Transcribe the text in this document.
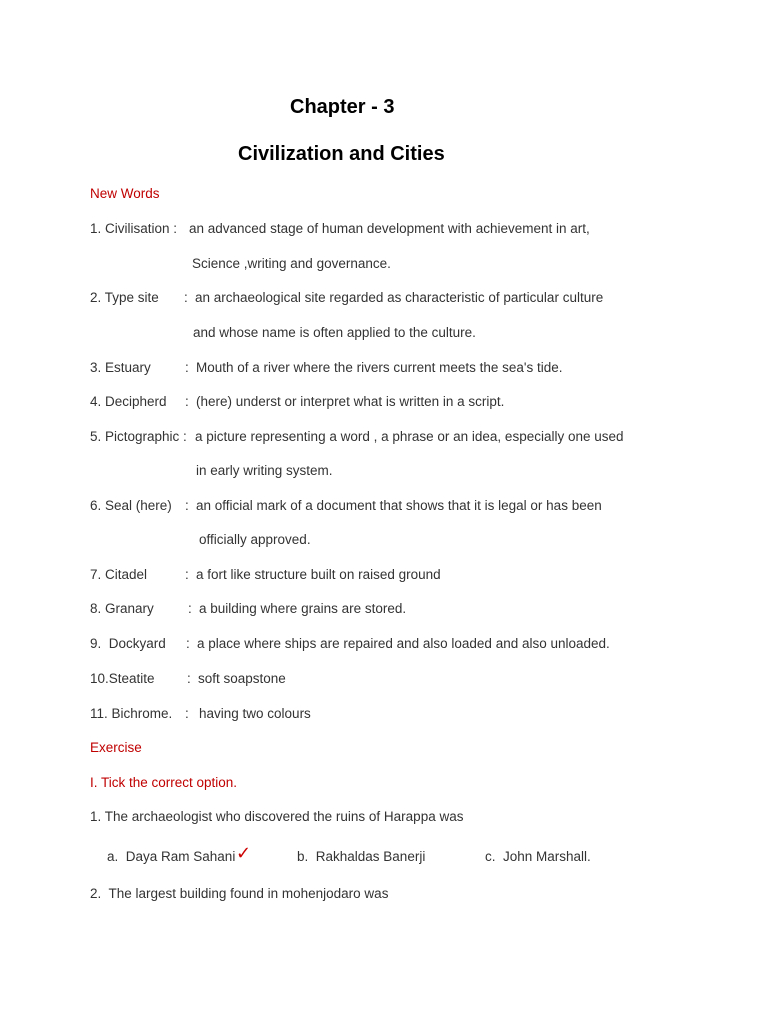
Chapter - 3
Civilization and Cities
New Words
1. Civilisation : an advanced stage of human development with achievement in art,
Science ,writing and governance.
2. Type site : an archaeological site regarded as characteristic of particular culture
and whose name is often applied to the culture.
3. Estuary	: Mouth of a river where the rivers current meets the sea's tide.
4. Decipherd : (here) underst or interpret what is written in a script.
5. Pictographic : a picture representing a word , a phrase or an idea, especially one used
in early writing system.
6. Seal (here) : an official mark of a document that shows that it is legal or has been
officially approved.
7. Citadel	: a fort like structure built on raised ground
8. Granary	: a building where grains are stored.
9.  Dockyard : a place where ships are repaired and also loaded and also unloaded.
10.Steatite : soft soapstone
11. Bichrome. : having two colours
Exercise
I. Tick the correct option.
1. The archaeologist who discovered the ruins of Harappa was
a.  Daya Ram Sahani ✓	b.  Rakhaldas Banerji	c.  John Marshall.
2.  The largest building found in mohenjodaro was
